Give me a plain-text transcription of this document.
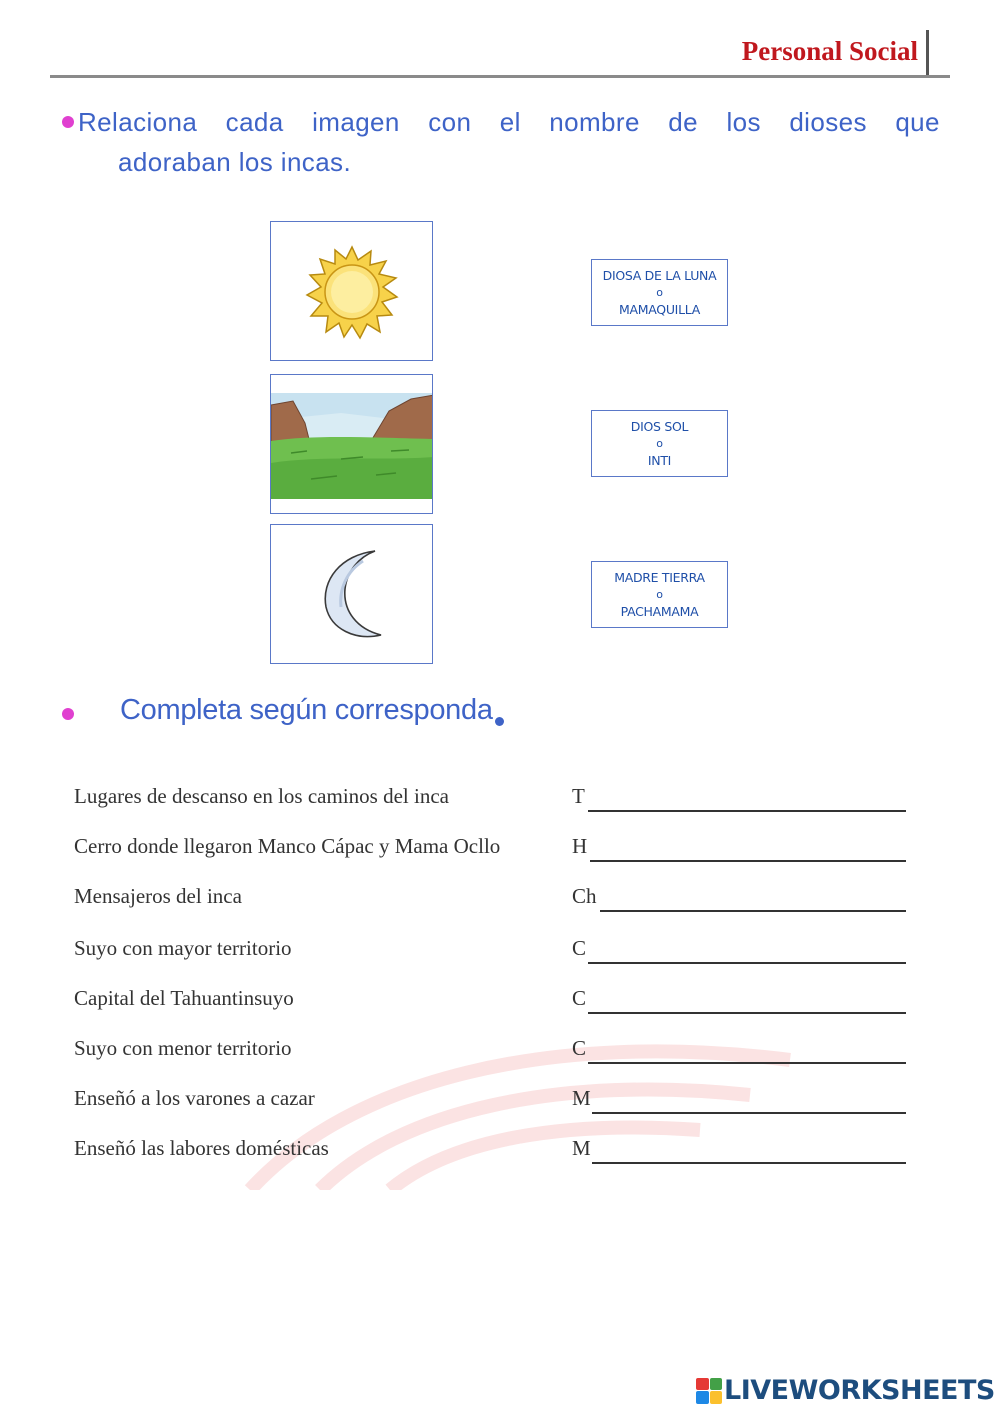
Personal Social
Relaciona cada imagen con el nombre de los dioses que
adoraban los incas.
DIOSA DE LA LUNA
o
MAMAQUILLA
DIOS SOL
o
INTI
MADRE TIERRA
o
PACHAMAMA
Completa según corresponda
Lugares de descanso en los caminos del inca	T
Cerro donde llegaron Manco Cápac y Mama Ocllo	H
Mensajeros del inca	Ch
Suyo con mayor territorio	C
Capital del Tahuantinsuyo	C
Suyo con menor territorio	C
Enseñó a los varones a cazar	M
Enseñó las labores domésticas	M
LIVEWORKSHEETS
